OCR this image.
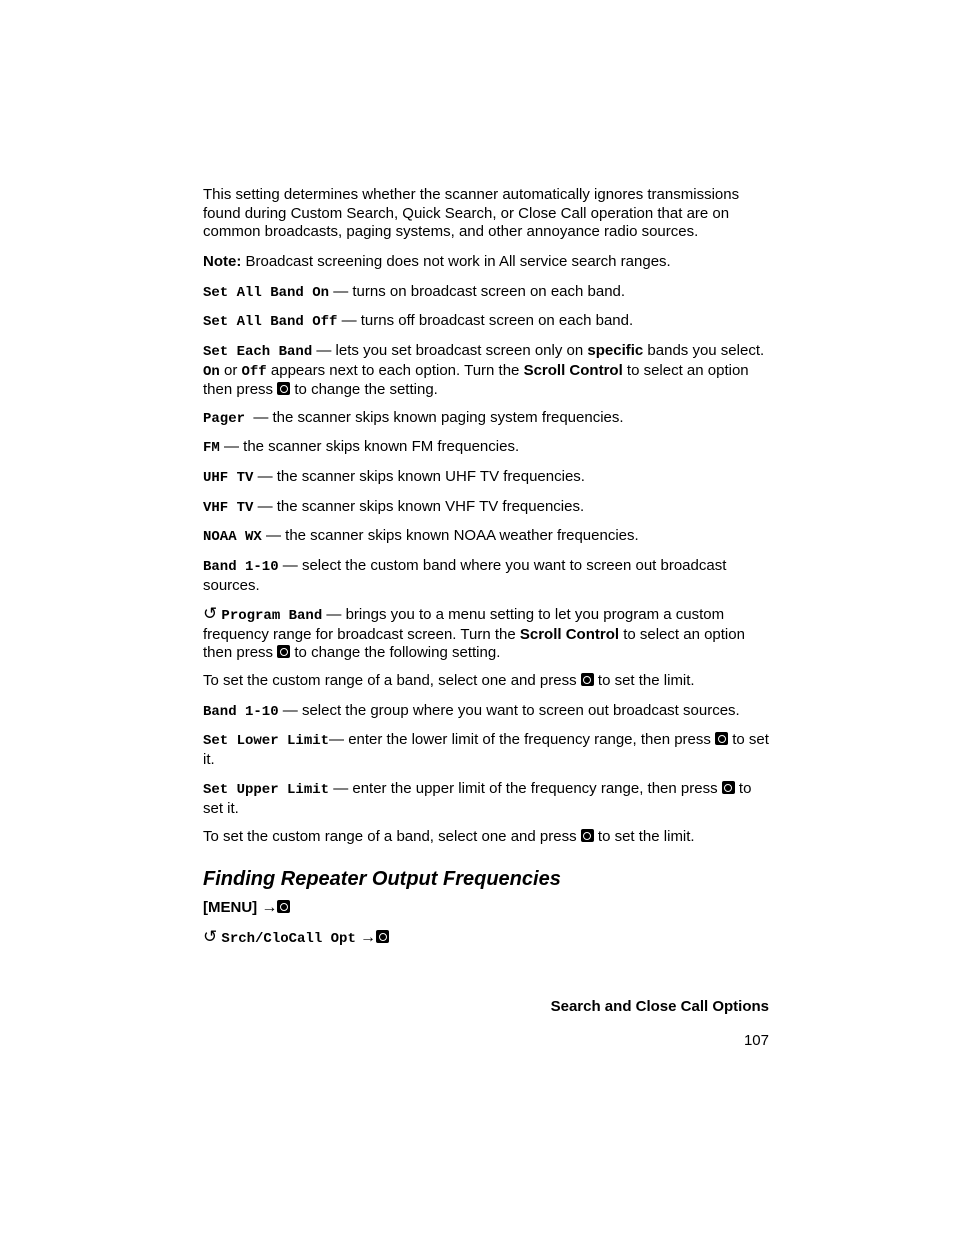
This setting determines whether the scanner automatically ignores transmissions found during Custom Search, Quick Search, or Close Call operation that are on common broadcasts, paging systems, and other annoyance radio sources.

Note: Broadcast screening does not work in All service search ranges.

Set All Band On — turns on broadcast screen on each band.

Set All Band Off — turns off broadcast screen on each band.

Set Each Band — lets you set broadcast screen only on specific bands you select. On or Off appears next to each option. Turn the Scroll Control to select an option then press  to change the setting.

Pager  — the scanner skips known paging system frequencies.

FM — the scanner skips known FM frequencies.

UHF TV — the scanner skips known UHF TV frequencies.

VHF TV — the scanner skips known VHF TV frequencies.

NOAA WX — the scanner skips known NOAA weather frequencies.

Band 1-10 — select the custom band where you want to screen out broadcast sources.

↺ Program Band — brings you to a menu setting to let you program a custom frequency range for broadcast screen. Turn the Scroll Control to select an option then press  to change the following setting.

To set the custom range of a band, select one and press  to set the limit.

Band 1-10 — select the group where you want to screen out broadcast sources.

Set Lower Limit— enter the lower limit of the frequency range, then press  to set it.

Set Upper Limit — enter the upper limit of the frequency range, then press  to set it.

To set the custom range of a band, select one and press  to set the limit.

Finding Repeater Output Frequencies

[MENU] →

↺ Srch/CloCall Opt →

Search and Close Call Options
107
